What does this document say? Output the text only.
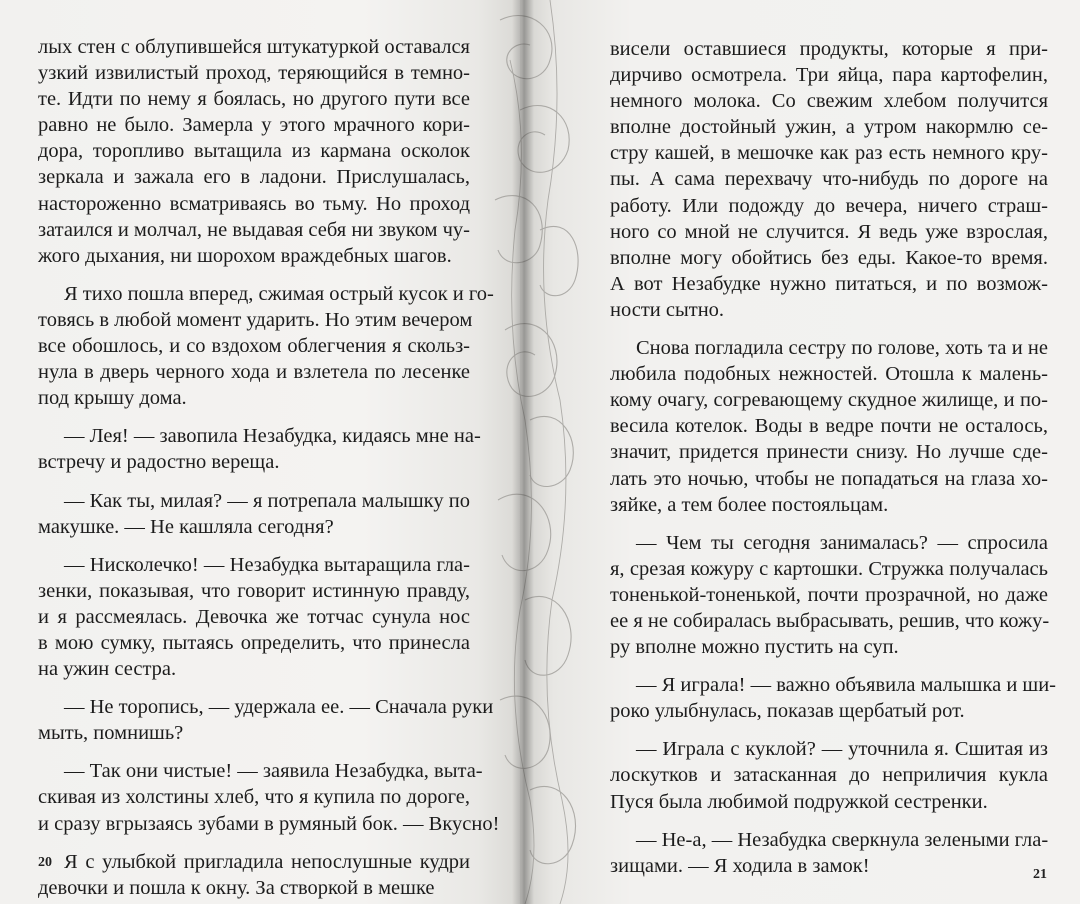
лых стен с облупившейся штукатуркой оставался
узкий извилистый проход, теряющийся в темно-
те. Идти по нему я боялась, но другого пути все
равно не было. Замерла у этого мрачного кори-
дора, торопливо вытащила из кармана осколок
зеркала и зажала его в ладони. Прислушалась,
настороженно всматриваясь во тьму. Но проход
затаился и молчал, не выдавая себя ни звуком чу-
жого дыхания, ни шорохом враждебных шагов.
Я тихо пошла вперед, сжимая острый кусок и го-
товясь в любой момент ударить. Но этим вечером
все обошлось, и со вздохом облегчения я скольз-
нула в дверь черного хода и взлетела по лесенке
под крышу дома.
— Лея! — завопила Незабудка, кидаясь мне на-
встречу и радостно вереща.
— Как ты, милая? — я потрепала малышку по
макушке. — Не кашляла сегодня?
— Нисколечко! — Незабудка вытаращила гла-
зенки, показывая, что говорит истинную правду,
и я рассмеялась. Девочка же тотчас сунула нос
в мою сумку, пытаясь определить, что принесла
на ужин сестра.
— Не торопись, — удержала ее. — Сначала руки
мыть, помнишь?
— Так они чистые! — заявила Незабудка, выта-
скивая из холстины хлеб, что я купила по дороге,
и сразу вгрызаясь зубами в румяный бок. — Вкусно!
Я с улыбкой пригладила непослушные кудри
девочки и пошла к окну. За створкой в мешке
20
висели оставшиеся продукты, которые я при-
дирчиво осмотрела. Три яйца, пара картофелин,
немного молока. Со свежим хлебом получится
вполне достойный ужин, а утром накормлю се-
стру кашей, в мешочке как раз есть немного кру-
пы. А сама перехвачу что-нибудь по дороге на
работу. Или подожду до вечера, ничего страш-
ного со мной не случится. Я ведь уже взрослая,
вполне могу обойтись без еды. Какое-то время.
А вот Незабудке нужно питаться, и по возмож-
ности сытно.
Снова погладила сестру по голове, хоть та и не
любила подобных нежностей. Отошла к малень-
кому очагу, согревающему скудное жилище, и по-
весила котелок. Воды в ведре почти не осталось,
значит, придется принести снизу. Но лучше сде-
лать это ночью, чтобы не попадаться на глаза хо-
зяйке, а тем более постояльцам.
— Чем ты сегодня занималась? — спросила
я, срезая кожуру с картошки. Стружка получалась
тоненькой-тоненькой, почти прозрачной, но даже
ее я не собиралась выбрасывать, решив, что кожу-
ру вполне можно пустить на суп.
— Я играла! — важно объявила малышка и ши-
роко улыбнулась, показав щербатый рот.
— Играла с куклой? — уточнила я. Сшитая из
лоскутков и затасканная до неприличия кукла
Пуся была любимой подружкой сестренки.
— Не-а, — Незабудка сверкнула зелеными гла-
зищами. — Я ходила в замок!	21
